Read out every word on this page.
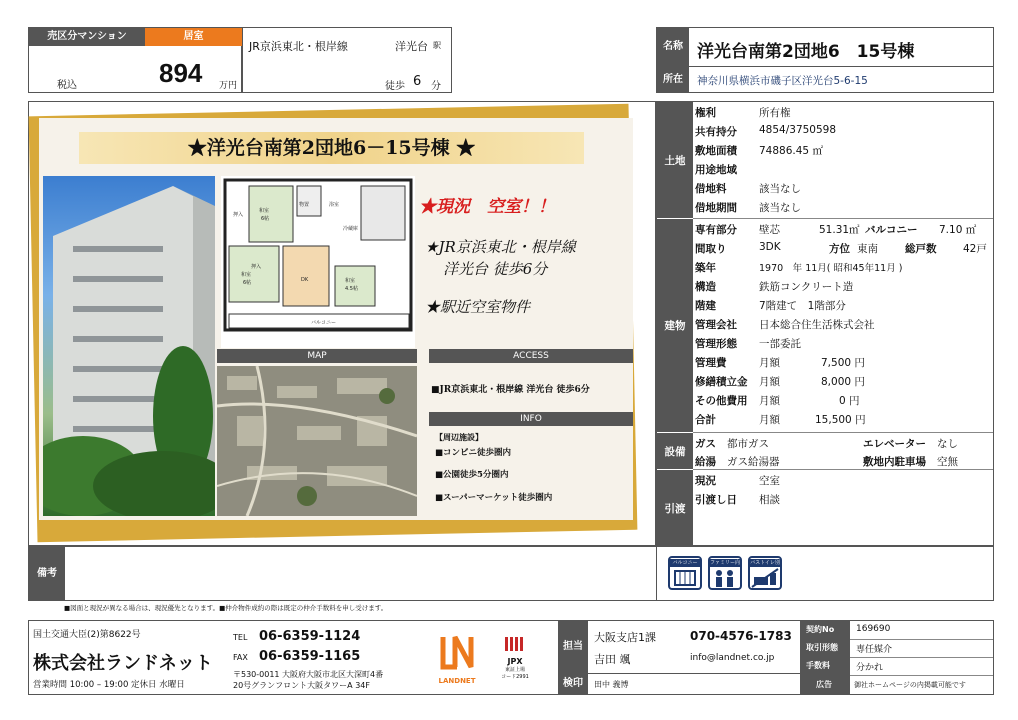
売区分マンション	居室
税込	894 万円
JR京浜東北・根岸線	洋光台 駅
徒歩 6 分
名称 洋光台南第2団地6　15号棟
所在	神奈川県横浜市磯子区洋光台5-6-15
★洋光台南第2団地6－15号棟 ★
押入
和室
6帖
物置	浴室
冷蔵庫
押入
和室
6帖	DK	和室
4.5帖
バルコニー
★現況　空室！！
★JR京浜東北・根岸線
洋光台 徒歩6分
★駅近空室物件
MAP	ACCESS
■JR京浜東北・根岸線 洋光台 徒歩6分
INFO
【周辺施設】
■コンビニ徒歩圏内
■公園徒歩5分圏内
■スーパーマーケット徒歩圏内
土地
権利	所有権
共有持分 4854/3750598
敷地面積 74886.45 ㎡
用途地域
借地料	該当なし
借地期間 該当なし
建物
専有部分 壁芯	51.31㎡ バルコニー 7.10 ㎡
間取り	3DK	方位 東南	総戸数	42戸
築年	1970　年 11月( 昭和45年11月 )
構造	鉄筋コンクリート造
階建	7階建て　1階部分
管理会社 日本総合住生活株式会社
管理形態 一部委託
管理費	月額	7,500 円
修繕積立金 月額	8,000 円
その他費用 月額	0 円
合計	月額	15,500 円
設備
ガス 都市ガス	エレベーター なし
給湯 ガス給湯器	敷地内駐車場 空無
引渡
現況	空室
引渡し日 相談
備考
バルコニー	ファミリー向け
バストイレ別
■図面と現況が異なる場合は、現況優先となります。■仲介物件成約の際は既定の仲介手数料を申し受けます。
国土交通大臣(2)第8622号
株式会社ランドネット
営業時間 10:00 – 19:00 定休日 水曜日
TEL 06-6359-1124
FAX 06-6359-1165
〒530-0011 大阪府大阪市北区大深町4番
20号グランフロント大阪タワーA 34F	LANDNET
JPX
東証上場
コード2991
担当
検印
大阪支店1課	070-4576-1783
吉田 颯	info@landnet.co.jp
田中 義博
契約No 169690
取引形態 専任媒介
手数料	分かれ
広告	御社ホームページの内掲載可能です
